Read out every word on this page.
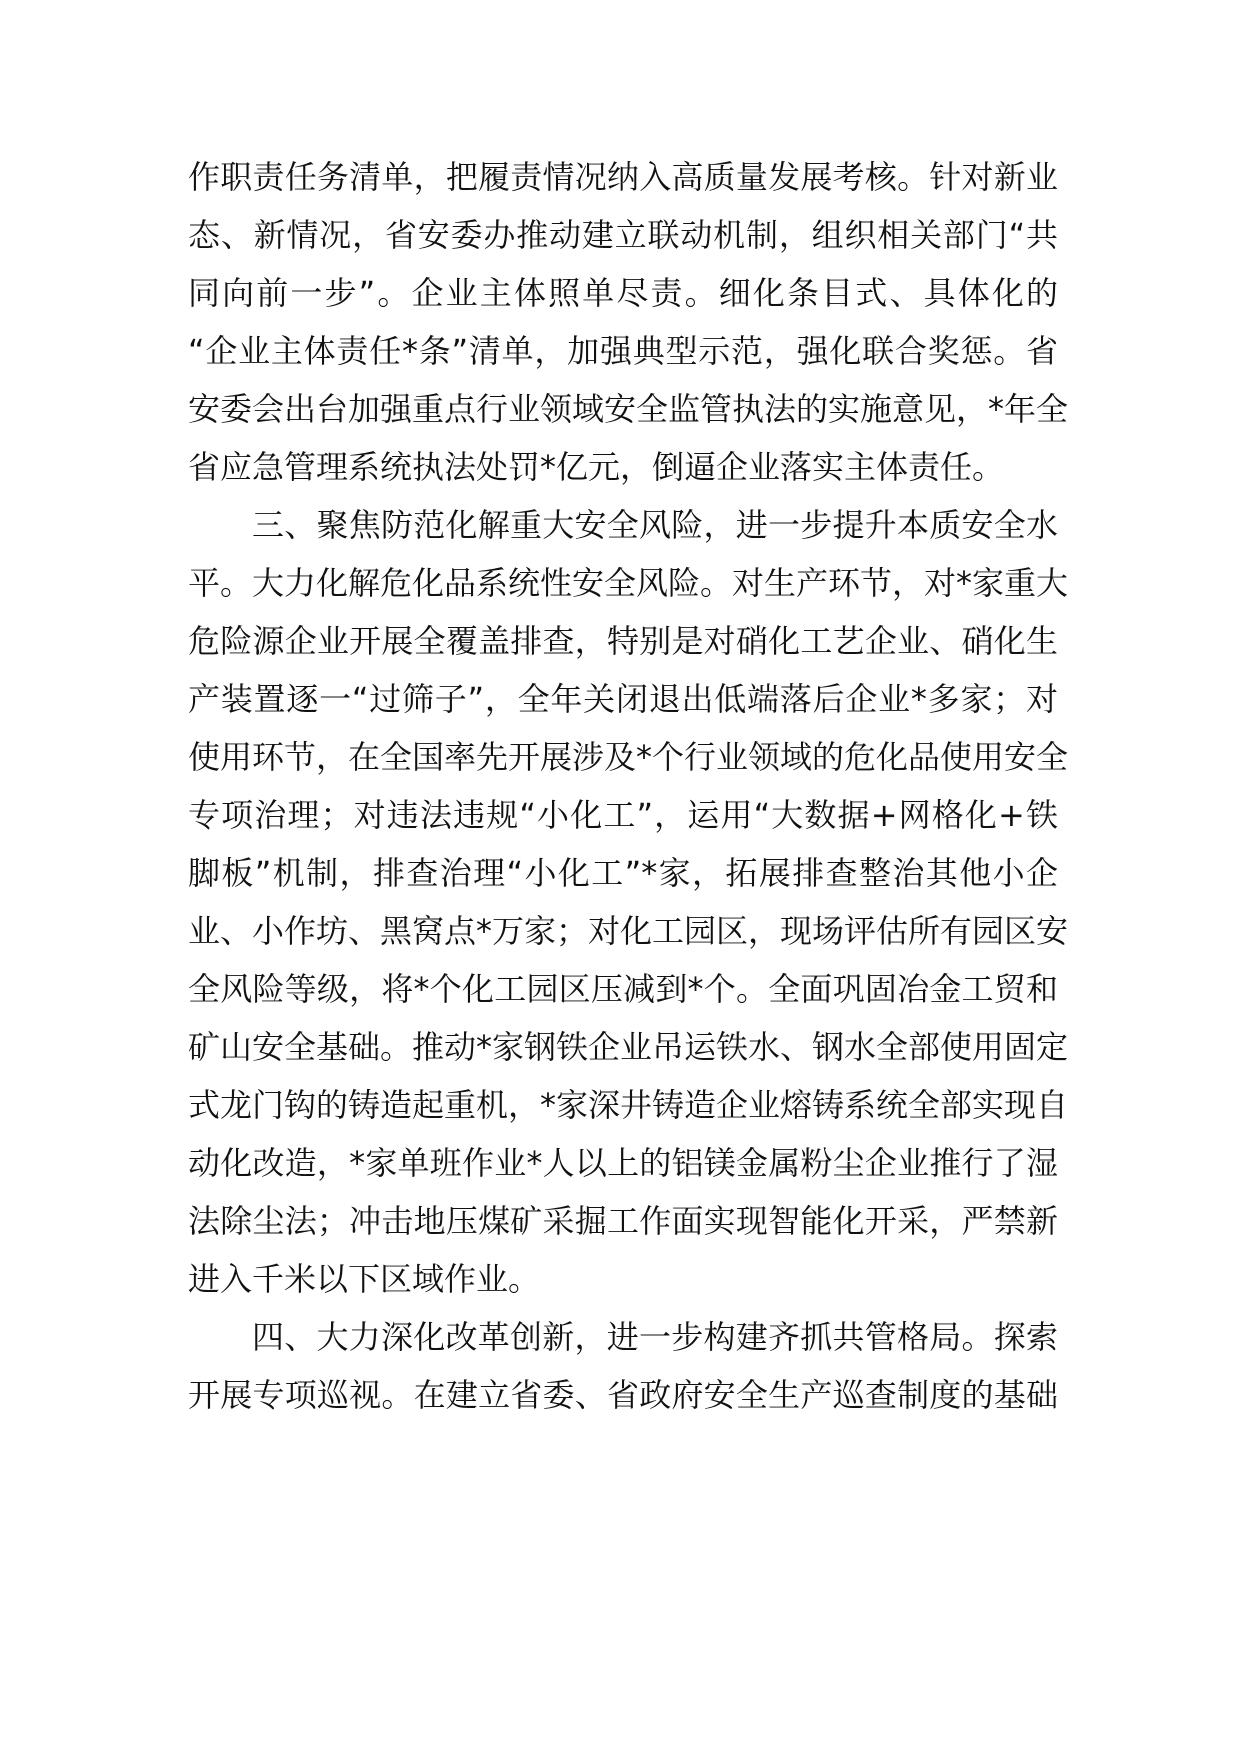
作职责任务清单，把履责情况纳入高质量发展考核。针对新业
态、新情况，省安委办推动建立联动机制，组织相关部门“共
同向前一步”。企业主体照单尽责。细化条目式、具体化的
“企业主体责任*条”清单，加强典型示范，强化联合奖惩。省
安委会出台加强重点行业领域安全监管执法的实施意见，*年全
省应急管理系统执法处罚*亿元，倒逼企业落实主体责任。
三、聚焦防范化解重大安全风险，进一步提升本质安全水
平。大力化解危化品系统性安全风险。对生产环节，对*家重大
危险源企业开展全覆盖排查，特别是对硝化工艺企业、硝化生
产装置逐一“过筛子”，全年关闭退出低端落后企业*多家；对
使用环节，在全国率先开展涉及*个行业领域的危化品使用安全
专项治理；对违法违规“小化工”，运用“大数据+网格化+铁
脚板”机制，排查治理“小化工”*家，拓展排查整治其他小企
业、小作坊、黑窝点*万家；对化工园区，现场评估所有园区安
全风险等级，将*个化工园区压减到*个。全面巩固冶金工贸和
矿山安全基础。推动*家钢铁企业吊运铁水、钢水全部使用固定
式龙门钩的铸造起重机，*家深井铸造企业熔铸系统全部实现自
动化改造，*家单班作业*人以上的铝镁金属粉尘企业推行了湿
法除尘法；冲击地压煤矿采掘工作面实现智能化开采，严禁新
进入千米以下区域作业。
四、大力深化改革创新，进一步构建齐抓共管格局。探索
开展专项巡视。在建立省委、省政府安全生产巡查制度的基础
